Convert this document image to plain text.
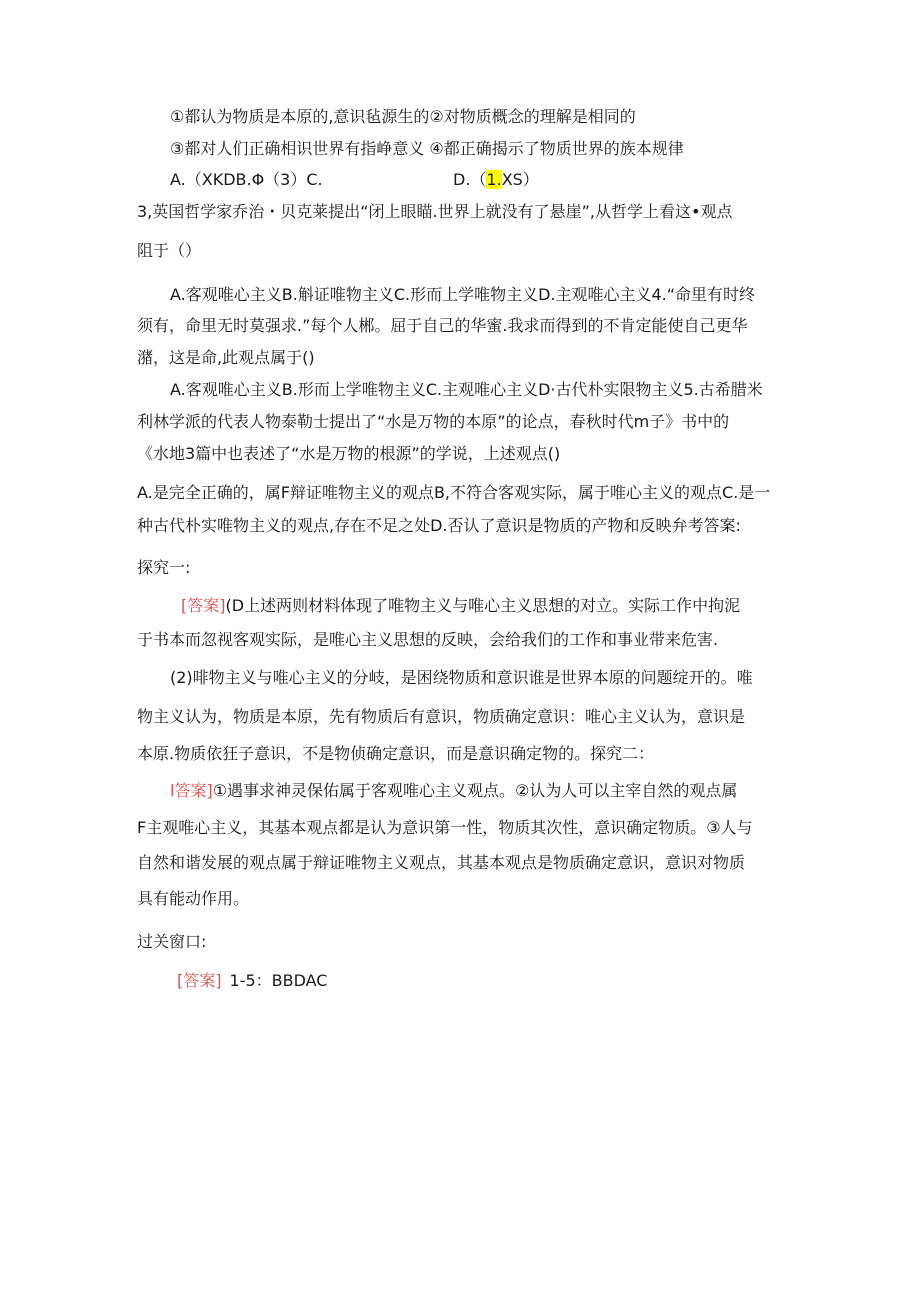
①都认为物质是本原的,意识毡源生的②对物质概念的理解是相同的
③都对人们正确相识世界有指峥意义 ④都正确揭示了物质世界的族本规律
A.（XKDB.Φ（3）C.	D.（1.XS）
3,英国哲学家乔治・贝克莱提出“闭上眼瞄.世界上就没有了悬崖”,从哲学上看这•观点
阻于（）
A.客观唯心主义B.斛证唯物主义C.形而上学唯物主义D.主观唯心主义4.“命里有时终
须有，命里无时莫强求.”每个人郴。屈于自己的华蜜.我求而得到的不肯定能使自己更华
潴，这是命,此观点属于()
A.客观唯心主义B.形而上学唯物主义C.主观唯心主义D·古代朴实限物主义5.古希腊米
利林学派的代表人物泰勒士提出了“水是万物的本原”的论点，春秋时代m子》书中的
《水地3篇中也表述了“水是万物的根源”的学说，上述观点()
A.是完全正确的，属F辩证唯物主义的观点B,不符合客观实际，属于唯心主义的观点C.是一
种古代朴实唯物主义的观点,存在不足之处D.否认了意识是物质的产物和反映弁考答案:
探究一:
[答案](D上述两则材料体现了唯物主义与唯心主义思想的对立。实际工作中拘泥
于书本而忽视客观实际，是唯心主义思想的反映，会给我们的工作和事业带来危害.
(2)啡物主义与唯心主义的分岐，是困绕物质和意识谁是世界本原的问题绽开的。唯
物主义认为，物质是本原，先有物质后有意识，物质确定意识：唯心主义认为，意识是
本原.物质依狂子意识，不是物侦确定意识，而是意识确定物的。探究二：
l答案]①遇事求神灵保佑属于客观唯心主义观点。②认为人可以主宰自然的观点属
F主观唯心主义，其基本观点都是认为意识第一性，物质其次性，意识确定物质。③人与
自然和谐发展的观点属于辩证唯物主义观点，其基本观点是物质确定意识，意识对物质
具有能动作用。
过关窗口:
[答案] 1-5：BBDAC
